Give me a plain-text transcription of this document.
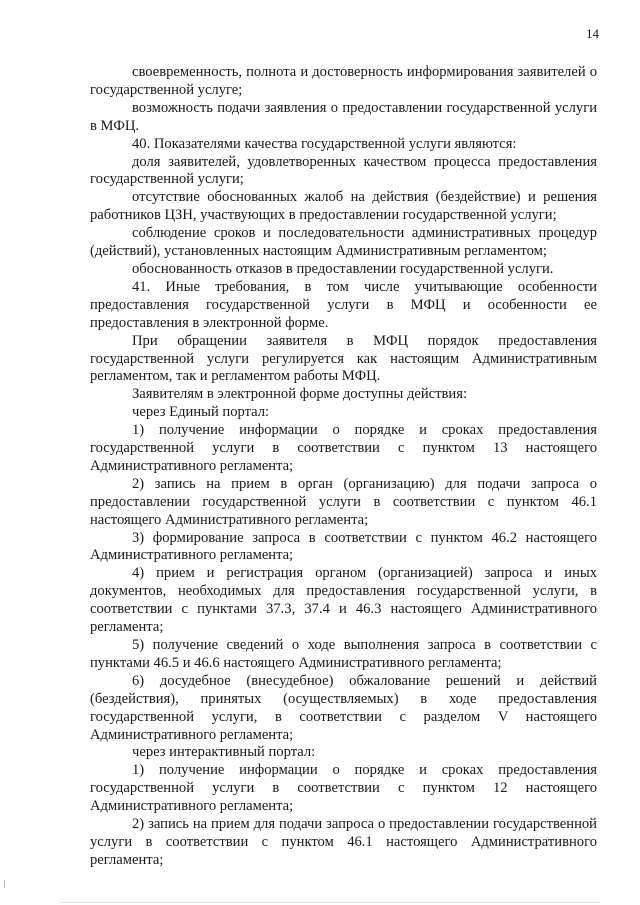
14

своевременность, полнота и достоверность информирования заявителей о государственной услуге;

возможность подачи заявления о предоставлении государственной услуги в МФЦ.

40. Показателями качества государственной услуги являются:

доля заявителей, удовлетворенных качеством процесса предоставления государственной услуги;

отсутствие обоснованных жалоб на действия (бездействие) и решения работников ЦЗН, участвующих в предоставлении государственной услуги;

соблюдение сроков и последовательности административных процедур (действий), установленных настоящим Административным регламентом;

обоснованность отказов в предоставлении государственной услуги.

41. Иные требования, в том числе учитывающие особенности предоставления государственной услуги в МФЦ и особенности ее предоставления в электронной форме.

При обращении заявителя в МФЦ порядок предоставления государственной услуги регулируется как настоящим Административным регламентом, так и регламентом работы МФЦ.

Заявителям в электронной форме доступны действия:

через Единый портал:

1) получение информации о порядке и сроках предоставления государственной услуги в соответствии с пунктом 13 настоящего Административного регламента;

2) запись на прием в орган (организацию) для подачи запроса о предоставлении государственной услуги в соответствии с пунктом 46.1 настоящего Административного регламента;

3) формирование запроса в соответствии с пунктом 46.2 настоящего Административного регламента;

4) прием и регистрация органом (организацией) запроса и иных документов, необходимых для предоставления государственной услуги, в соответствии с пунктами 37.3, 37.4 и 46.3 настоящего Административного регламента;

5) получение сведений о ходе выполнения запроса в соответствии с пунктами 46.5 и 46.6 настоящего Административного регламента;

6) досудебное (внесудебное) обжалование решений и действий (бездействия), принятых (осуществляемых) в ходе предоставления государственной услуги, в соответствии с разделом V настоящего Административного регламента;

через интерактивный портал:

1) получение информации о порядке и сроках предоставления государственной услуги в соответствии с пунктом 12 настоящего Административного регламента;

2) запись на прием для подачи запроса о предоставлении государственной услуги в соответствии с пунктом 46.1 настоящего Административного регламента;
